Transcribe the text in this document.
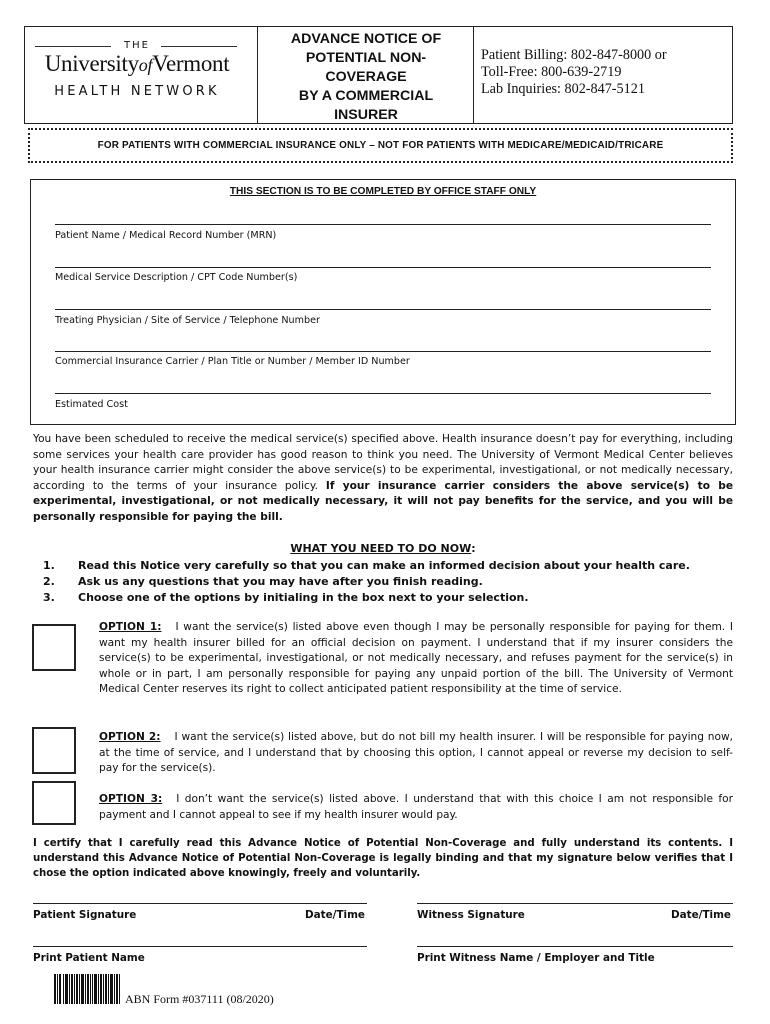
THE
UniversityofVermont
HEALTH NETWORK
ADVANCE NOTICE OF
POTENTIAL NON-
COVERAGE
BY A COMMERCIAL
INSURER
Patient Billing: 802-847-8000 or
Toll-Free: 800-639-2719
Lab Inquiries: 802-847-5121
FOR PATIENTS WITH COMMERCIAL INSURANCE ONLY – NOT FOR PATIENTS WITH MEDICARE/MEDICAID/TRICARE
THIS SECTION IS TO BE COMPLETED BY OFFICE STAFF ONLY
Patient Name / Medical Record Number (MRN)
Medical Service Description / CPT Code Number(s)
Treating Physician / Site of Service / Telephone Number
Commercial Insurance Carrier / Plan Title or Number / Member ID Number
Estimated Cost
You have been scheduled to receive the medical service(s) specified above. Health insurance doesn’t pay for everything, including some services your health care provider has good reason to think you need. The University of Vermont Medical Center believes your health insurance carrier might consider the above service(s) to be experimental, investigational, or not medically necessary, according to the terms of your insurance policy. If your insurance carrier considers the above service(s) to be experimental, investigational, or not medically necessary, it will not pay benefits for the service, and you will be personally responsible for paying the bill.
WHAT YOU NEED TO DO NOW:
1. Read this Notice very carefully so that you can make an informed decision about your health care.
2. Ask us any questions that you may have after you finish reading.
3. Choose one of the options by initialing in the box next to your selection.
OPTION 1: I want the service(s) listed above even though I may be personally responsible for paying for them. I want my health insurer billed for an official decision on payment. I understand that if my insurer considers the service(s) to be experimental, investigational, or not medically necessary, and refuses payment for the service(s) in whole or in part, I am personally responsible for paying any unpaid portion of the bill. The University of Vermont Medical Center reserves its right to collect anticipated patient responsibility at the time of service.
OPTION 2: I want the service(s) listed above, but do not bill my health insurer. I will be responsible for paying now, at the time of service, and I understand that by choosing this option, I cannot appeal or reverse my decision to self-pay for the service(s).
OPTION 3: I don’t want the service(s) listed above. I understand that with this choice I am not responsible for payment and I cannot appeal to see if my health insurer would pay.
I certify that I carefully read this Advance Notice of Potential Non-Coverage and fully understand its contents. I understand this Advance Notice of Potential Non-Coverage is legally binding and that my signature below verifies that I chose the option indicated above knowingly, freely and voluntarily.
Patient Signature	Date/Time	Witness Signature	Date/Time
Print Patient Name	Print Witness Name / Employer and Title
ABN Form #037111 (08/2020)
